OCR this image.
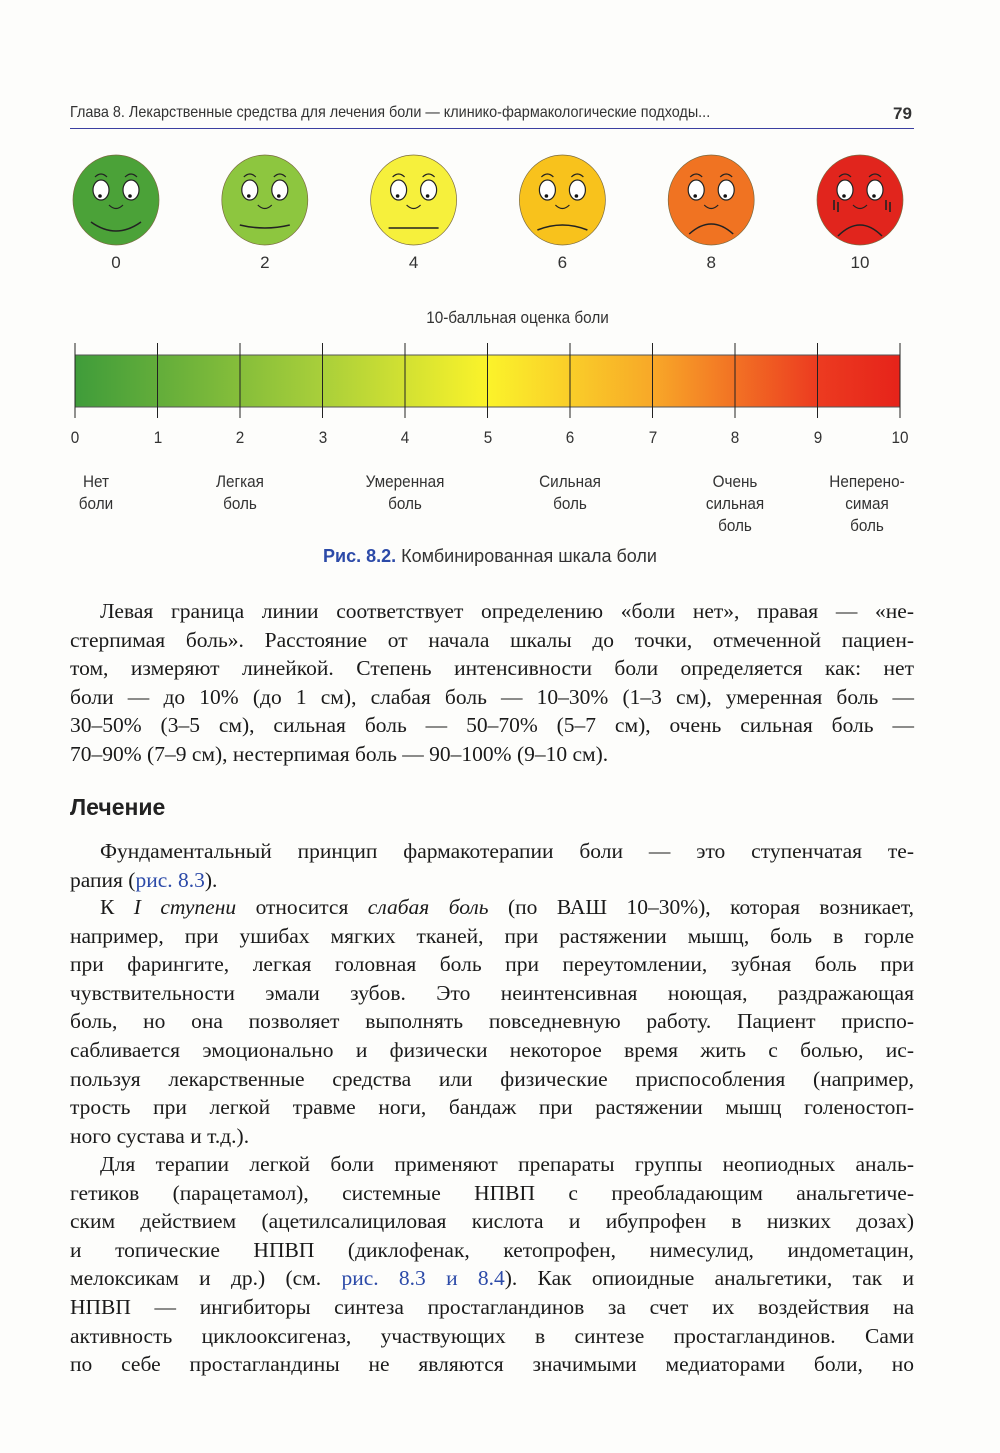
Глава 8. Лекарственные средства для лечения боли — клинико-фармакологические подходы...	79
0	2	4	6	8	10
10-балльная оценка боли
0	1	2	3	4	5	6	7	8	9	10
Нет
боли
Легкая
боль
Умеренная
боль
Сильная
боль
Очень
сильная
боль
Неперено-
симая
боль
Рис. 8.2. Комбинированная шкала боли
Лечение
Левая граница линии соответствует определению «боли нет», правая — «не-
стерпимая боль». Расстояние от начала шкалы до точки, отмеченной пациен-
том, измеряют линейкой. Степень интенсивности боли определяется как: нет
боли — до 10% (до 1 см), слабая боль — 10–30% (1–3 см), умеренная боль —
30–50% (3–5 см), сильная боль — 50–70% (5–7 см), очень сильная боль —
70–90% (7–9 см), нестерпимая боль — 90–100% (9–10 см).
Фундаментальный принцип фармакотерапии боли — это ступенчатая те-
рапия (рис. 8.3).
К I ступени относится слабая боль (по ВАШ 10–30%), которая возникает,
например, при ушибах мягких тканей, при растяжении мышц, боль в горле
при фарингите, легкая головная боль при переутомлении, зубная боль при
чувствительности эмали зубов. Это неинтенсивная ноющая, раздражающая
боль, но она позволяет выполнять повседневную работу. Пациент приспо-
сабливается эмоционально и физически некоторое время жить с болью, ис-
пользуя лекарственные средства или физические приспособления (например,
трость при легкой травме ноги, бандаж при растяжении мышц голеностоп-
ного сустава и т.д.).
Для терапии легкой боли применяют препараты группы неопиодных аналь-
гетиков (парацетамол), системные НПВП с преобладающим анальгетиче-
ским действием (ацетилсалициловая кислота и ибупрофен в низких дозах)
и топические НПВП (диклофенак, кетопрофен, нимесулид, индометацин,
мелоксикам и др.) (см. рис. 8.3 и 8.4). Как опиоидные анальгетики, так и
НПВП — ингибиторы синтеза простагландинов за счет их воздействия на
активность циклооксигеназ, участвующих в синтезе простагландинов. Сами
по себе простагландины не являются значимыми медиаторами боли, но
